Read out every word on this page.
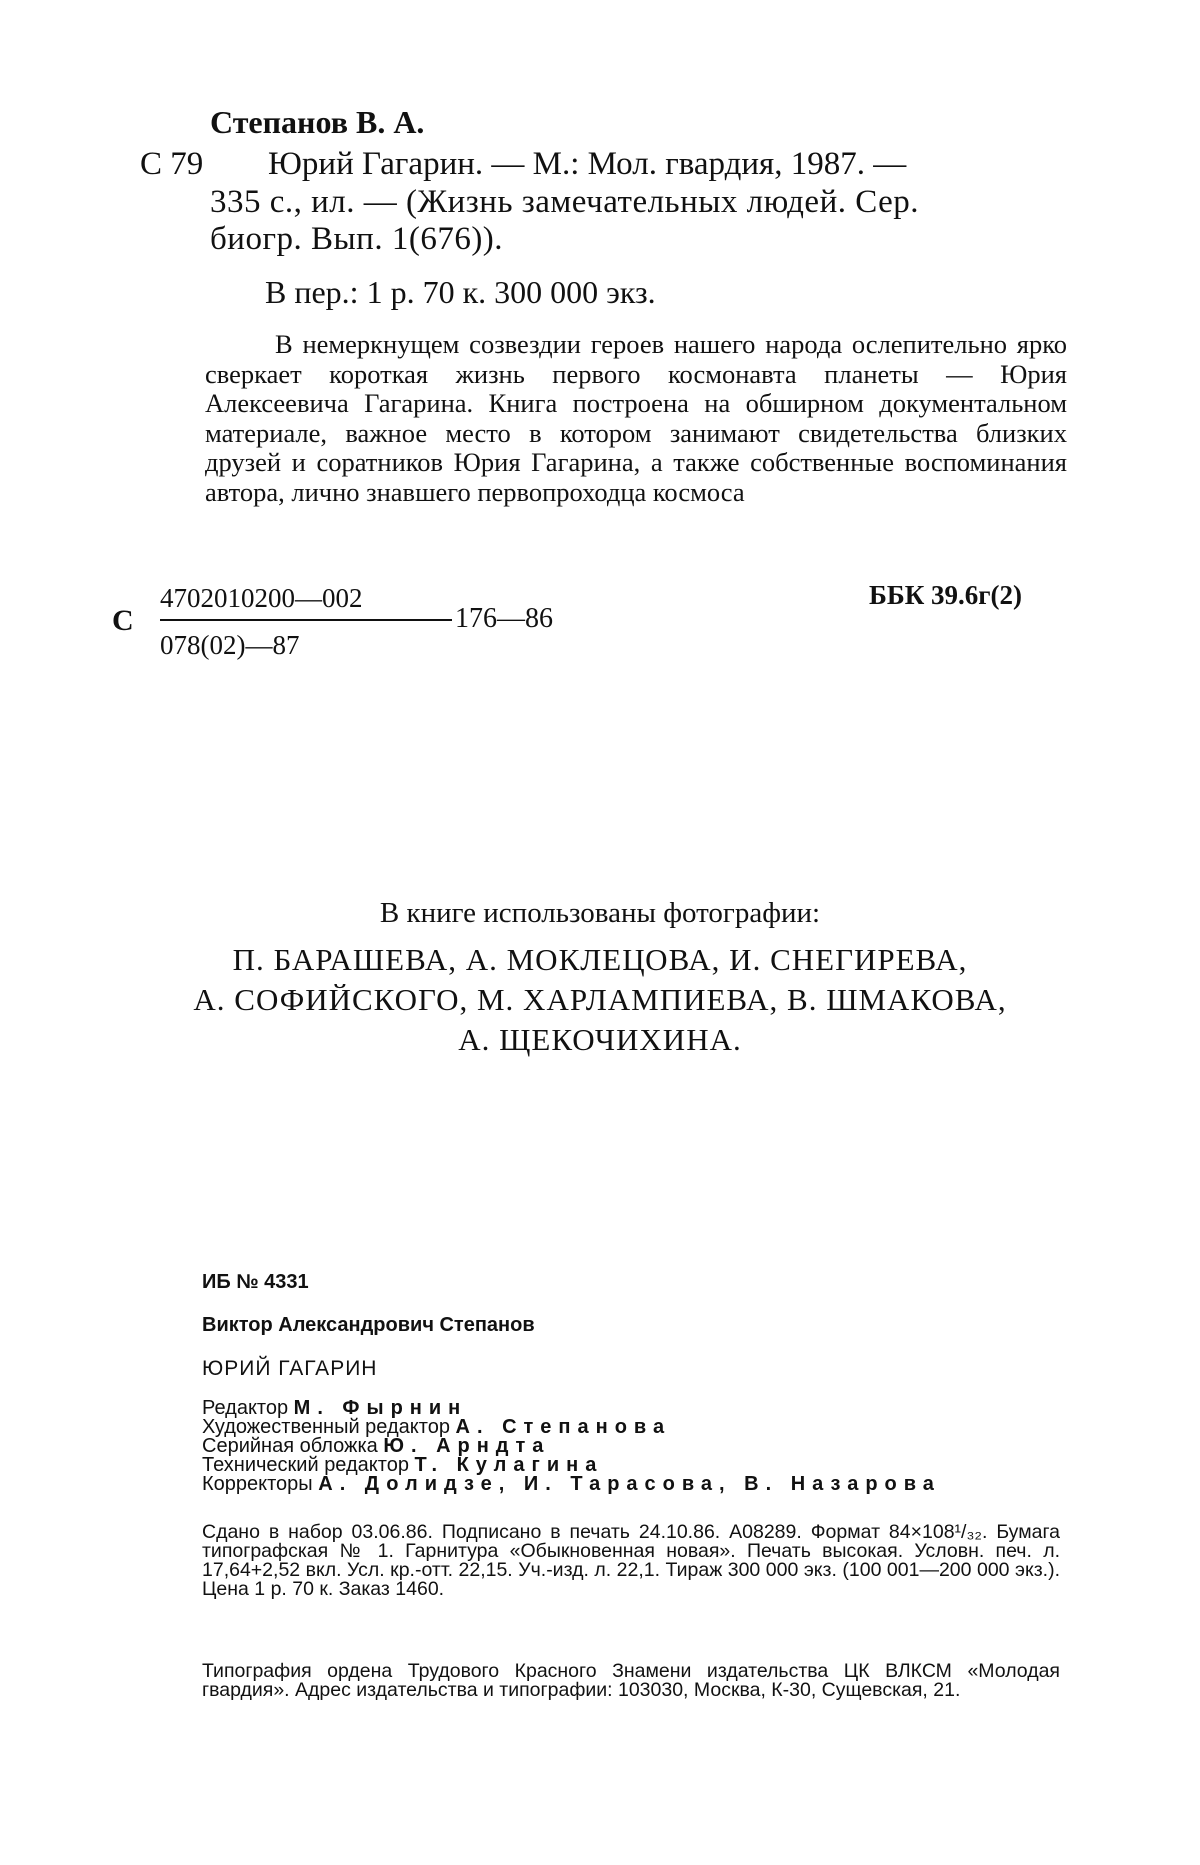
Степанов В. А.
С 79 Юрий Гагарин. — М.: Мол. гвардия, 1987. —
335 с., ил. — (Жизнь замечательных людей. Сер.
биогр. Вып. 1(676)).
В пер.: 1 р. 70 к. 300 000 экз.
В немеркнущем созвездии героев нашего народа ослепительно ярко сверкает короткая жизнь первого космонавта планеты — Юрия Алексеевича Гагарина. Книга построена на обширном документальном материале, важное место в котором занимают свидетельства близких друзей и соратников Юрия Гагарина, а также собственные воспоминания автора, лично знавшего первопроходца космоса
С
4702010200—002
078(02)—87
176—86
ББК 39.6г(2)
В книге использованы фотографии:
П. БАРАШЕВА, А. МОКЛЕЦОВА, И. СНЕГИРЕВА,
А. СОФИЙСКОГО, М. ХАРЛАМПИЕВА, В. ШМАКОВА,
А. ЩЕКОЧИХИНА.
ИБ № 4331
Виктор Александрович Степанов
ЮРИЙ ГАГАРИН
Редактор М. Фырнин
Художественный редактор А. Степанова
Серийная обложка Ю. Арндта
Технический редактор Т. Кулагина
Корректоры А. Долидзе, И. Тарасова, В. Назарова
Сдано в набор 03.06.86. Подписано в печать 24.10.86. А08289. Формат 84×108¹/₃₂. Бумага типографская № 1. Гарнитура «Обыкновенная новая». Печать высокая. Условн. печ. л. 17,64+2,52 вкл. Усл. кр.-отт. 22,15. Уч.-изд. л. 22,1. Тираж 300 000 экз. (100 001—200 000 экз.). Цена 1 р. 70 к. Заказ 1460.
Типография ордена Трудового Красного Знамени издательства ЦК ВЛКСМ «Молодая гвардия». Адрес издательства и типографии: 103030, Москва, К-30, Сущевская, 21.
